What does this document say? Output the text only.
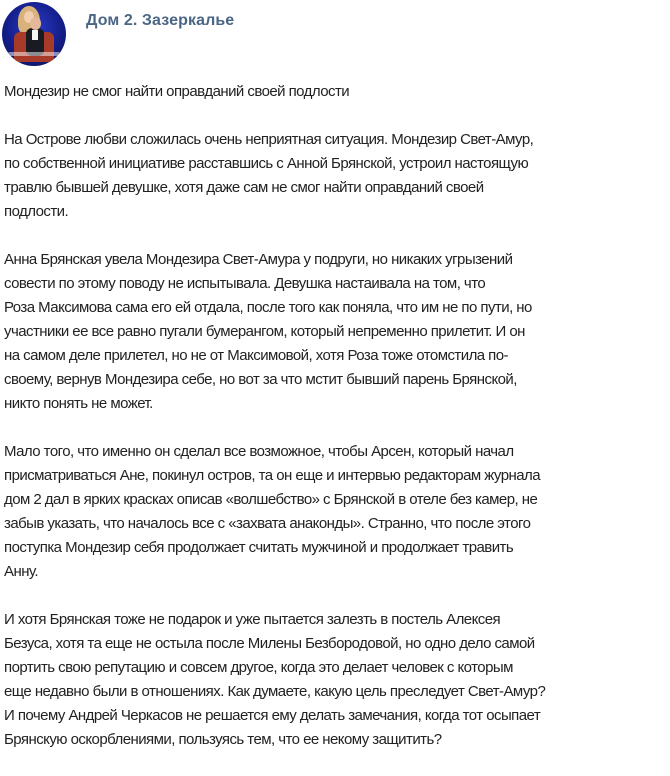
Дом 2. Зазеркалье

Мондезир не смог найти оправданий своей подлости

На Острове любви сложилась очень неприятная ситуация. Мондезир Свет-Амур,
по собственной инициативе расставшись с Анной Брянской, устроил настоящую
травлю бывшей девушке, хотя даже сам не смог найти оправданий своей
подлости.

Анна Брянская увела Мондезира Свет-Амура у подруги, но никаких угрызений
совести по этому поводу не испытывала. Девушка настаивала на том, что
Роза Максимова сама его ей отдала, после того как поняла, что им не по пути, но
участники ее все равно пугали бумерангом, который непременно прилетит. И он
на самом деле прилетел, но не от Максимовой, хотя Роза тоже отомстила по-
своему, вернув Мондезира себе, но вот за что мстит бывший парень Брянской,
никто понять не может.

Мало того, что именно он сделал все возможное, чтобы Арсен, который начал
присматриваться Ане, покинул остров, та он еще и интервью редакторам журнала
дом 2 дал в ярких красках описав «волшебство» с Брянской в отеле без камер, не
забыв указать, что началось все с «захвата анаконды». Странно, что после этого
поступка Мондезир себя продолжает считать мужчиной и продолжает травить
Анну.

И хотя Брянская тоже не подарок и уже пытается залезть в постель Алексея
Безуса, хотя та еще не остыла после Милены Безбородовой, но одно дело самой
портить свою репутацию и совсем другое, когда это делает человек с которым
еще недавно были в отношениях. Как думаете, какую цель преследует Свет-Амур?
И почему Андрей Черкасов не решается ему делать замечания, когда тот осыпает
Брянскую оскорблениями, пользуясь тем, что ее некому защитить?
